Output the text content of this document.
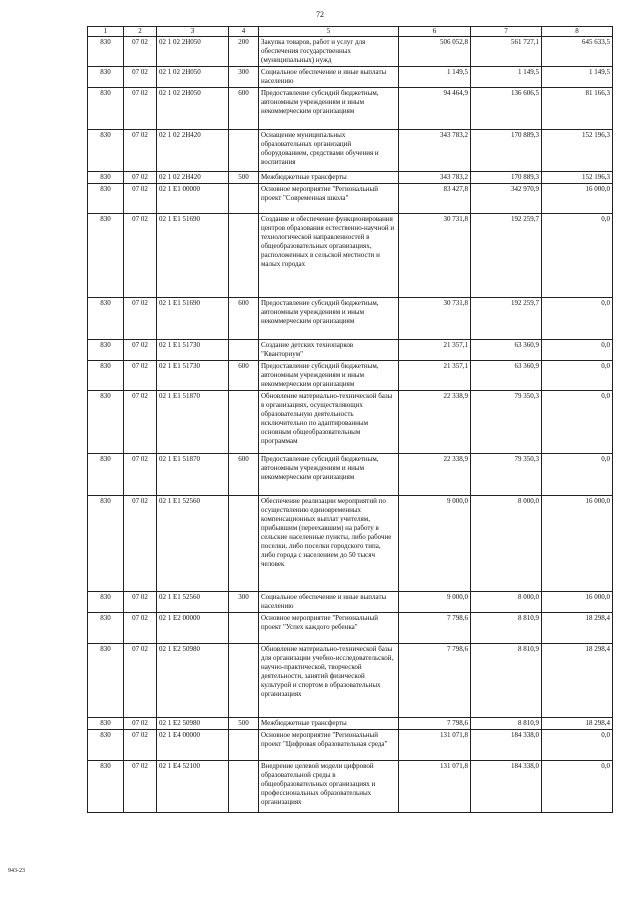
72
1	2	3	4	5	6	7	8
830	07 02	02 1 02 2Н050	200	Закупка товаров, работ и услуг для обеспечения государственных (муниципальных) нужд	506 052,8	561 727,1	645 633,5
830	07 02	02 1 02 2Н050	300	Социальное обеспечение и иные выплаты населению	1 149,5	1 149,5	1 149,5
830	07 02	02 1 02 2Н050	600	Предоставление субсидий бюджетным, автономным учреждениям и иным некоммерческим организациям	94 464,9	136 606,5	81 166,3
830	07 02	02 1 02 2Н420		Оснащение муниципальных образовательных организаций оборудованием, средствами обучения и воспитания	343 783,2	170 889,3	152 196,3
830	07 02	02 1 02 2Н420	500	Межбюджетные трансферты	343 783,2	170 889,3	152 196,3
830	07 02	02 1 Е1 00000		Основное мероприятие "Региональный проект "Современная школа"	83 427,8	342 970,9	16 000,0
830	07 02	02 1 Е1 51690		Создание и обеспечение функционирования центров образования естественно-научной и технологической направленностей в общеобразовательных организациях, расположенных в сельской местности и малых городах	30 731,8	192 259,7	0,0
830	07 02	02 1 Е1 51690	600	Предоставление субсидий бюджетным, автономным учреждениям и иным некоммерческим организациям	30 731,8	192 259,7	0,0
830	07 02	02 1 Е1 51730		Создание детских технопарков "Кванториум"	21 357,1	63 360,9	0,0
830	07 02	02 1 Е1 51730	600	Предоставление субсидий бюджетным, автономным учреждениям и иным некоммерческим организациям	21 357,1	63 360,9	0,0
830	07 02	02 1 Е1 51870		Обновление материально-технической базы в организациях, осуществляющих образовательную деятельность исключительно по адаптированным основным общеобразовательным программам	22 338,9	79 350,3	0,0
830	07 02	02 1 Е1 51870	600	Предоставление субсидий бюджетным, автономным учреждениям и иным некоммерческим организациям	22 338,9	79 350,3	0,0
830	07 02	02 1 Е1 52560		Обеспечение реализации мероприятий по осуществлению единовременных компенсационных выплат учителям, прибывшим (переехавшим) на работу в сельские населенные пункты, либо рабочие поселки, либо поселки городского типа, либо города с населением до 50 тысяч человек	9 000,0	8 000,0	16 000,0
830	07 02	02 1 Е1 52560	300	Социальное обеспечение и иные выплаты населению	9 000,0	8 000,0	16 000,0
830	07 02	02 1 Е2 00000		Основное мероприятие "Региональный проект "Успех каждого ребенка"	7 798,6	8 810,9	18 298,4
830	07 02	02 1 Е2 50980		Обновление материально-технической базы для организации учебно-исследовательской, научно-практической, творческой деятельности, занятий физической культурой и спортом в образовательных организациях	7 798,6	8 810,9	18 298,4
830	07 02	02 1 Е2 50980	500	Межбюджетные трансферты	7 798,6	8 810,9	18 298,4
830	07 02	02 1 Е4 00000		Основное мероприятие "Региональный проект "Цифровая образовательная среда"	131 071,8	184 338,0	0,0
830	07 02	02 1 Е4 52100		Внедрение целевой модели цифровой образовательной среды в общеобразовательных организациях и профессиональных образовательных организациях	131 071,8	184 338,0	0,0
943-23
